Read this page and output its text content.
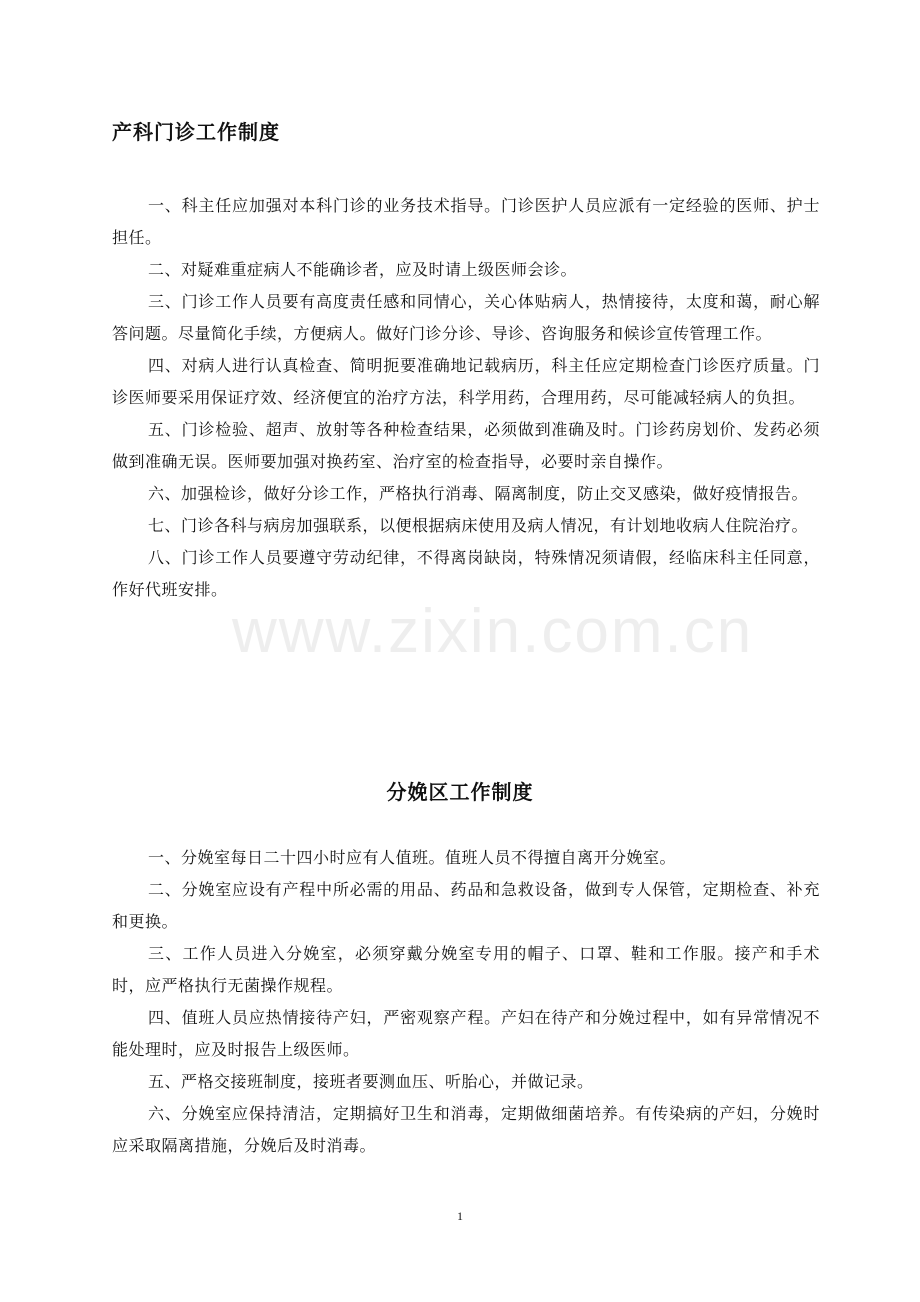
产科门诊工作制度

一、科主任应加强对本科门诊的业务技术指导。门诊医护人员应派有一定经验的医师、护士担任。

二、对疑难重症病人不能确诊者，应及时请上级医师会诊。

三、门诊工作人员要有高度责任感和同情心，关心体贴病人，热情接待，太度和蔼，耐心解答问题。尽量简化手续，方便病人。做好门诊分诊、导诊、咨询服务和候诊宣传管理工作。

四、对病人进行认真检查、简明扼要准确地记载病历，科主任应定期检查门诊医疗质量。门诊医师要采用保证疗效、经济便宜的治疗方法，科学用药，合理用药，尽可能减轻病人的负担。

五、门诊检验、超声、放射等各种检查结果，必须做到准确及时。门诊药房划价、发药必须做到准确无误。医师要加强对换药室、治疗室的检查指导，必要时亲自操作。

六、加强检诊，做好分诊工作，严格执行消毒、隔离制度，防止交叉感染，做好疫情报告。

七、门诊各科与病房加强联系，以便根据病床使用及病人情况，有计划地收病人住院治疗。

八、门诊工作人员要遵守劳动纪律，不得离岗缺岗，特殊情况须请假，经临床科主任同意，作好代班安排。

分娩区工作制度

一、分娩室每日二十四小时应有人值班。值班人员不得擅自离开分娩室。

二、分娩室应设有产程中所必需的用品、药品和急救设备，做到专人保管，定期检查、补充和更换。

三、工作人员进入分娩室，必须穿戴分娩室专用的帽子、口罩、鞋和工作服。接产和手术时，应严格执行无菌操作规程。

四、值班人员应热情接待产妇，严密观察产程。产妇在待产和分娩过程中，如有异常情况不能处理时，应及时报告上级医师。

五、严格交接班制度，接班者要测血压、听胎心，并做记录。

六、分娩室应保持清洁，定期搞好卫生和消毒，定期做细菌培养。有传染病的产妇，分娩时应采取隔离措施，分娩后及时消毒。

www.zixin.com.cn
1
